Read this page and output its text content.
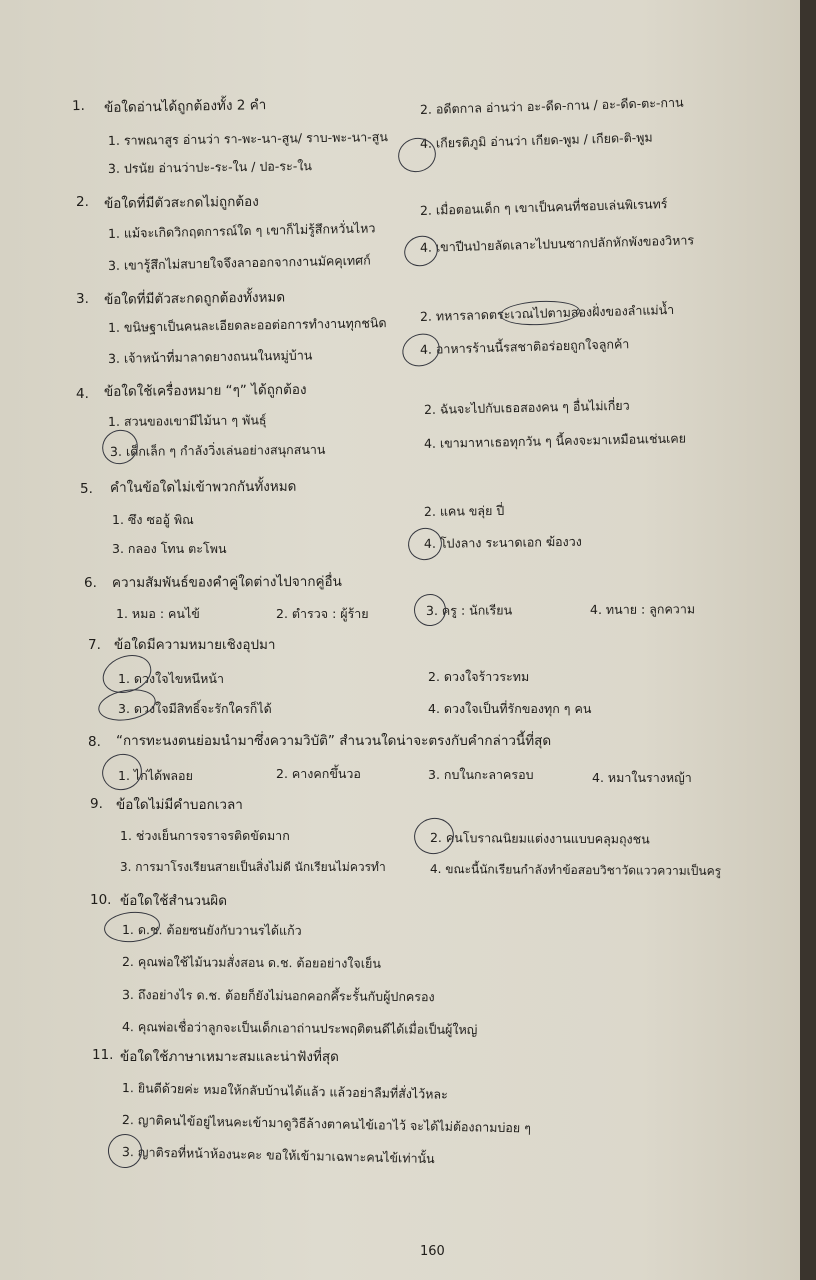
1. ข้อใดอ่านได้ถูกต้องทั้ง 2 คำ
1. ราพณาสูร อ่านว่า รา-พะ-นา-สูน/ ราบ-พะ-นา-สูน
2. อดีตกาล อ่านว่า อะ-ดีด-กาน / อะ-ดีด-ตะ-กาน
3. ปรนัย อ่านว่าปะ-ระ-ใน / ปอ-ระ-ใน
4. เกียรติภูมิ อ่านว่า เกียด-พูม / เกียด-ติ-พูม
2. ข้อใดที่มีตัวสะกดไม่ถูกต้อง
1. แม้จะเกิดวิกฤตการณ์ใด ๆ เขาก็ไม่รู้สึกหวั่นไหว
2. เมื่อตอนเด็ก ๆ เขาเป็นคนที่ชอบเล่นพิเรนทร์
3. เขารู้สึกไม่สบายใจจึงลาออกจากงานมัคคุเทศก์
4. เขาปีนป่ายลัดเลาะไปบนซากปลักหักพังของวิหาร
3. ข้อใดที่มีตัวสะกดถูกต้องทั้งหมด
1. ขนิษฐาเป็นคนละเอียดละออต่อการทำงานทุกชนิด
2. ทหารลาดตระเวณไปตามสองฝั่งของลำแม่น้ำ
3. เจ้าหน้าที่มาลาดยางถนนในหมู่บ้าน	4. อาหารร้านนี้รสชาติอร่อยถูกใจลูกค้า
4. ข้อใดใช้เครื่องหมาย “ๆ” ได้ถูกต้อง
1. สวนของเขามีไม้นา ๆ พันธุ์
2. ฉันจะไปกับเธอสองคน ๆ อื่นไม่เกี่ยว
3. เด็กเล็ก ๆ กำลังวิ่งเล่นอย่างสนุกสนาน	4. เขามาหาเธอทุกวัน ๆ นี้คงจะมาเหมือนเช่นเคย
5. คำในข้อใดไม่เข้าพวกกันทั้งหมด
1. ซึง ซออู้ พิณ
2. แคน ขลุ่ย ปี่
3. กลอง โทน ตะโพน	4. โปงลาง ระนาดเอก ฆ้องวง
6. ความสัมพันธ์ของคำคู่ใดต่างไปจากคู่อื่น
1. หมอ : คนไข้	2. ตำรวจ : ผู้ร้าย	3. ครู : นักเรียน	4. ทนาย : ลูกความ
7. ข้อใดมีความหมายเชิงอุปมา
1. ดวงใจไขหนีหน้า	2. ดวงใจร้าวระทม
3. ดวงใจมีสิทธิ์จะรักใครก็ได้	4. ดวงใจเป็นที่รักของทุก ๆ คน
8. “การทะนงตนย่อมนำมาซึ่งความวิบัติ” สำนวนใดน่าจะตรงกับคำกล่าวนี้ที่สุด
1. ไก่ได้พลอย	2. คางคกขึ้นวอ	3. กบในกะลาครอบ	4. หมาในรางหญ้า
9. ข้อใดไม่มีคำบอกเวลา
1. ช่วงเย็นการจราจรติดขัดมาก	2. คนโบราณนิยมแต่งงานแบบคลุมถุงชน
3. การมาโรงเรียนสายเป็นสิ่งไม่ดี นักเรียนไม่ควรทำ	4. ขณะนี้นักเรียนกำลังทำข้อสอบวิชาวัดแววความเป็นครู
10. ข้อใดใช้สำนวนผิด
1. ด.ช. ต้อยซนยังกับวานรได้แก้ว
2. คุณพ่อใช้ไม้นวมสั่งสอน ด.ช. ต้อยอย่างใจเย็น
3. ถึงอย่างไร ด.ช. ต้อยก็ยังไม่นอกคอกคึ้ระรั้นกับผู้ปกครอง
4. คุณพ่อเชื่อว่าลูกจะเป็นเด็กเอาถ่านประพฤติตนดีได้เมื่อเป็นผู้ใหญ่
11. ข้อใดใช้ภาษาเหมาะสมและน่าฟังที่สุด
1. ยินดีด้วยค่ะ หมอให้กลับบ้านได้แล้ว แล้วอย่าลืมที่สั่งไว้หละ
2. ญาติคนไข้อยู่ไหนคะเข้ามาดูวิธีล้างตาคนไข้เอาไว้ จะได้ไม่ต้องถามบ่อย ๆ
3. ญาติรอที่หน้าห้องนะคะ ขอให้เข้ามาเฉพาะคนไข้เท่านั้น
160
